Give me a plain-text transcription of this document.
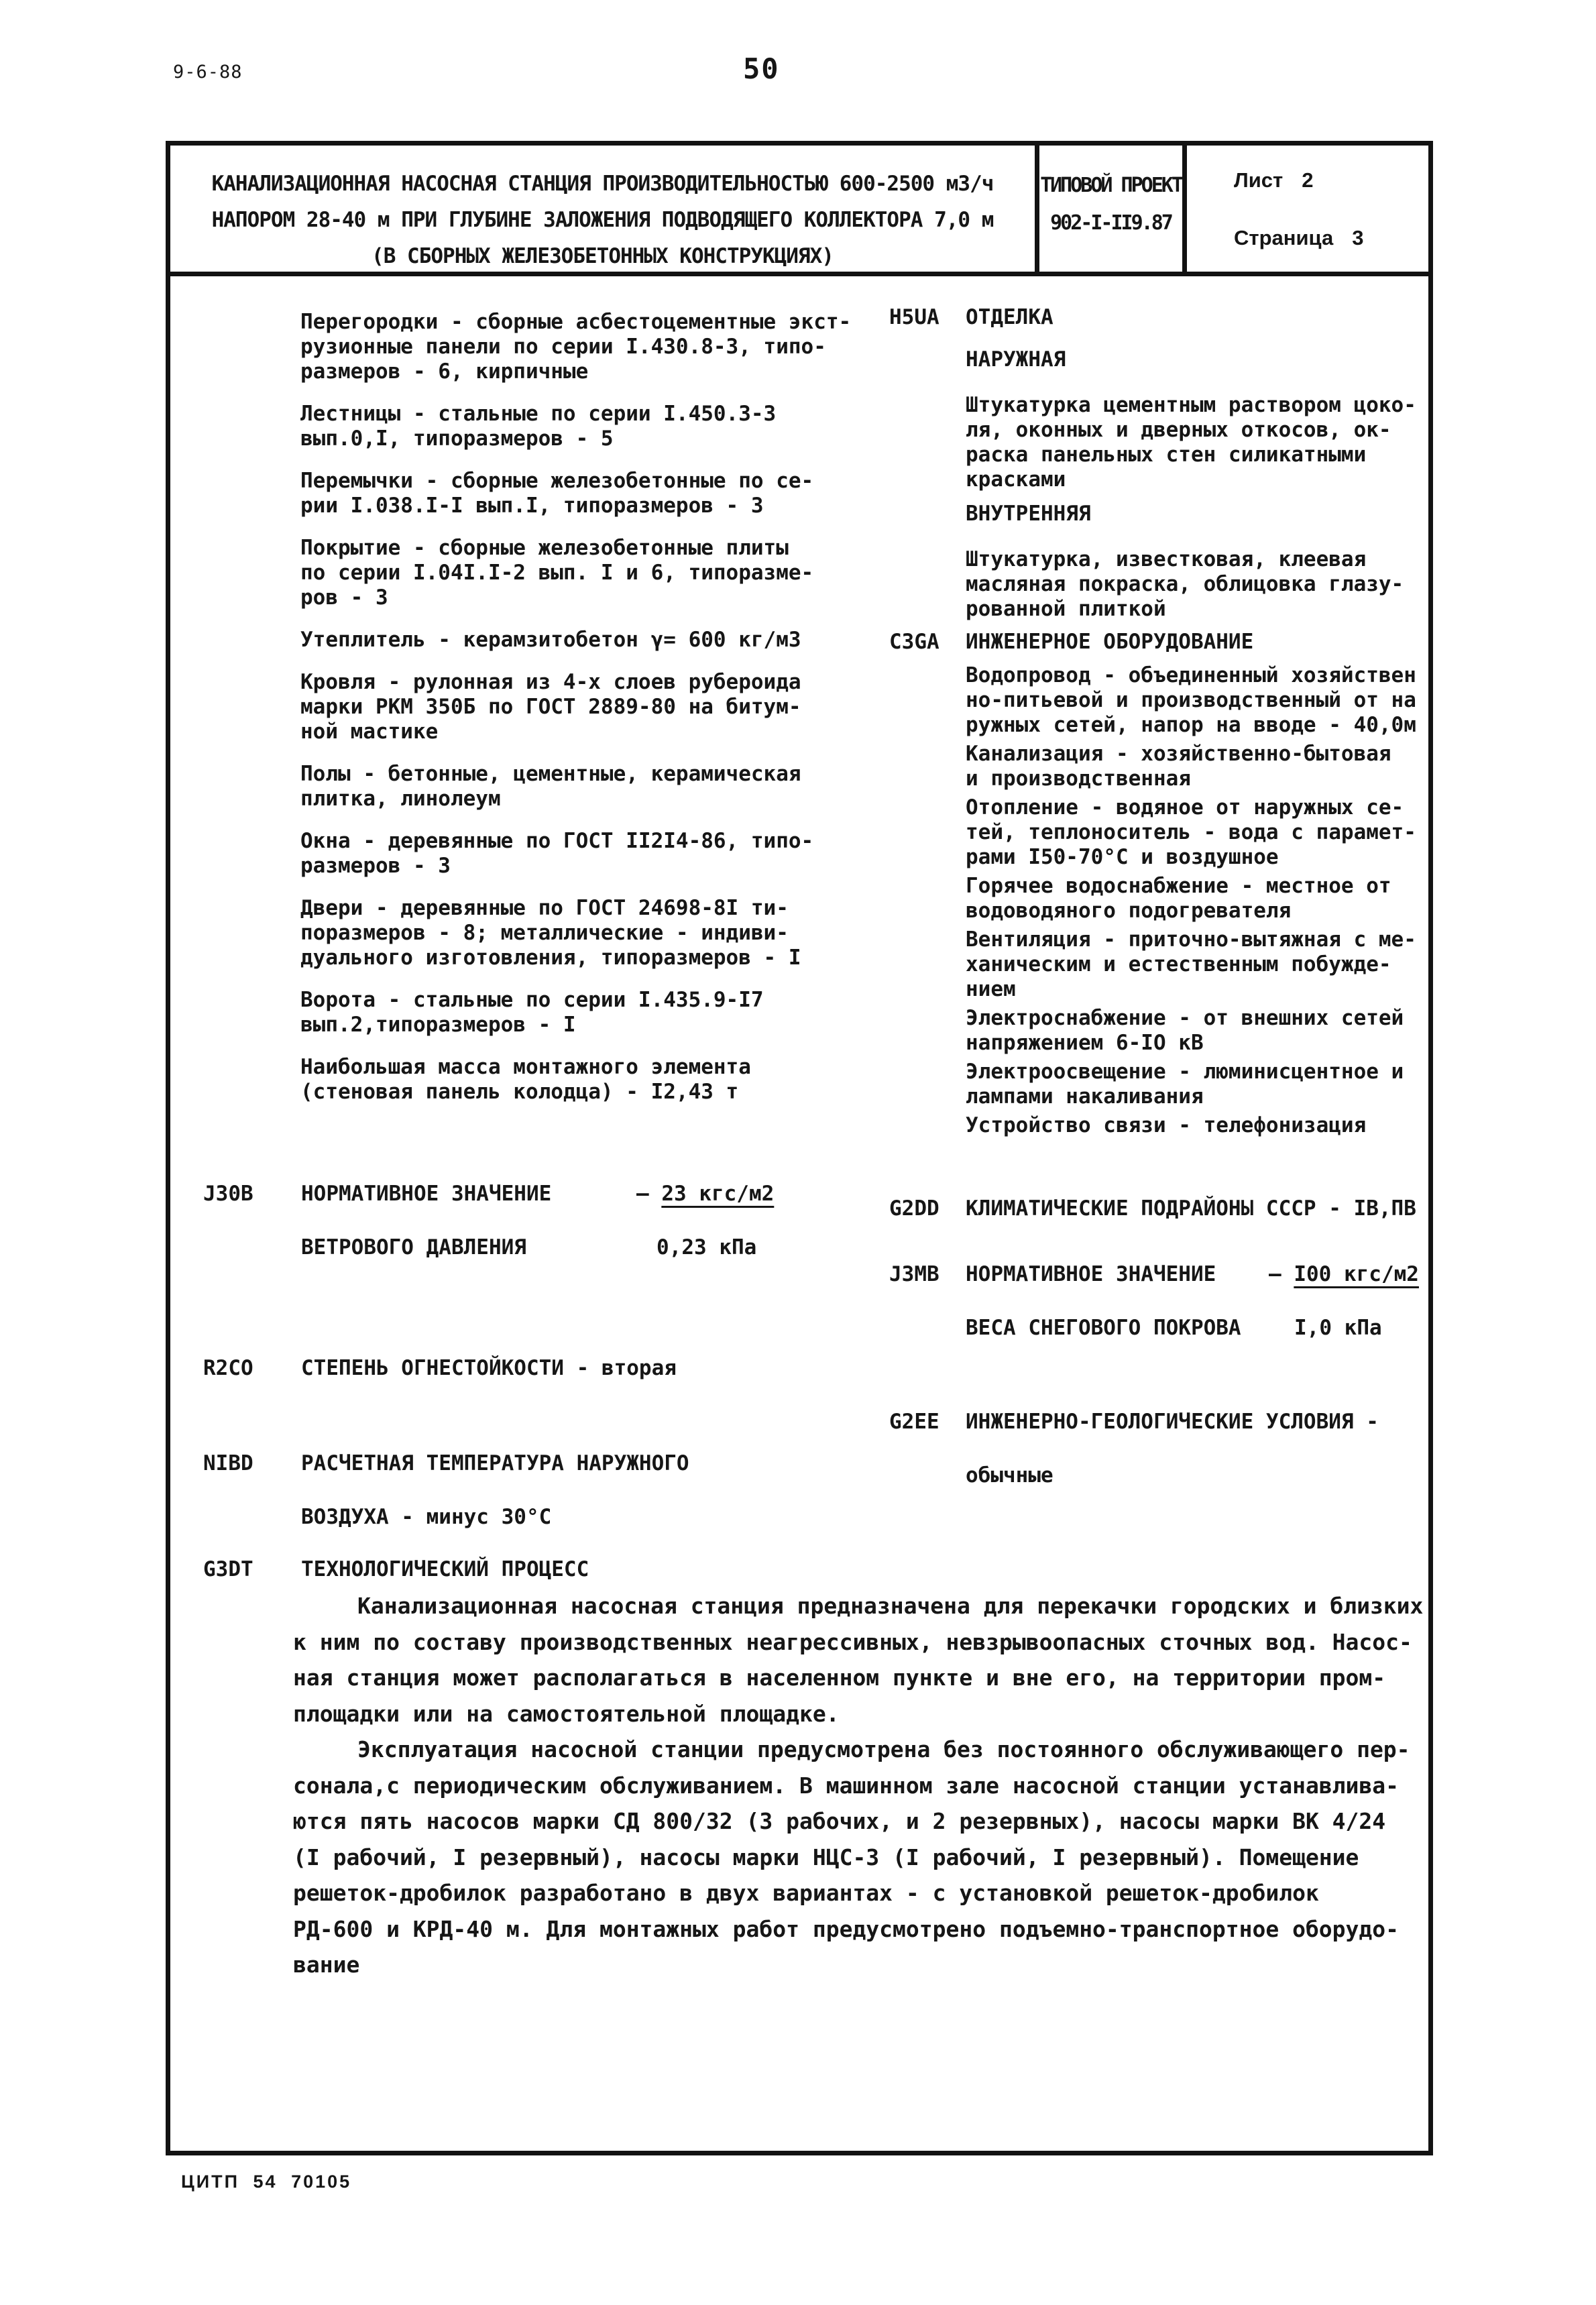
9-6-88	50
КАНАЛИЗАЦИОННАЯ НАСОСНАЯ СТАНЦИЯ ПРОИЗВОДИТЕЛЬНОСТЬЮ 600-2500 м3/ч
НАПОРОМ 28-40 м ПРИ ГЛУБИНЕ ЗАЛОЖЕНИЯ ПОДВОДЯЩЕГО КОЛЛЕКТОРА 7,0 м
(В СБОРНЫХ ЖЕЛЕЗОБЕТОННЫХ КОНСТРУКЦИЯХ)
ТИПОВОЙ ПРОЕКТ
902-I-II9.87
Лист 2
Страница 3
Перегородки - сборные асбестоцементные экст-
рузионные панели по серии I.430.8-3, типо-
размеров - 6, кирпичные
Лестницы - стальные по серии I.450.3-3
вып.0,I, типоразмеров - 5
Перемычки - сборные железобетонные по се-
рии I.038.I-I вып.I, типоразмеров - 3
Покрытие - сборные железобетонные плиты
по серии I.04I.I-2 вып. I и 6, типоразме-
ров - 3
Утеплитель - керамзитобетон γ= 600 кг/м3
Кровля - рулонная из 4-х слоев рубероида
марки РКМ 350Б по ГОСТ 2889-80 на битум-
ной мастике
Полы - бетонные, цементные, керамическая
плитка, линолеум
Окна - деревянные по ГОСТ II2I4-86, типо-
размеров - 3
Двери - деревянные по ГОСТ 24698-8I ти-
поразмеров - 8; металлические - индиви-
дуального изготовления, типоразмеров - I
Ворота - стальные по серии I.435.9-I7
вып.2,типоразмеров - I
Наибольшая масса монтажного элемента
(стеновая панель колодца) - I2,43 т
H5UA ОТДЕЛКА
НАРУЖНАЯ
Штукатурка цементным раствором цоко-
ля, оконных и дверных откосов, ок-
раска панельных стен силикатными
красками
ВНУТРЕННЯЯ
Штукатурка, известковая, клеевая
масляная покраска, облицовка глазу-
рованной плиткой
C3GA ИНЖЕНЕРНОЕ ОБОРУДОВАНИЕ
Водопровод - объединенный хозяйствен
но-питьевой и производственный от на
ружных сетей, напор на вводе - 40,0м
Канализация - хозяйственно-бытовая
и производственная
Отопление - водяное от наружных се-
тей, теплоноситель - вода с парамет-
рами I50-70°С и воздушное
Горячее водоснабжение - местное от
водоводяного подогревателя
Вентиляция - приточно-вытяжная с ме-
ханическим и естественным побужде-
нием
Электроснабжение - от внешних сетей
напряжением 6-IO кВ
Электроосвещение - люминисцентное и
лампами накаливания
Устройство связи - телефонизация
J30B НОРМАТИВНОЕ ЗНАЧЕНИЕ
ВЕТРОВОГО ДАВЛЕНИЯ
– 23 кгс/м2
0,23 кПа
R2CO СТЕПЕНЬ ОГНЕСТОЙКОСТИ - вторая
NIBD РАСЧЕТНАЯ ТЕМПЕРАТУРА НАРУЖНОГО
ВОЗДУХА - минус 30°С
G3DT ТЕХНОЛОГИЧЕСКИЙ ПРОЦЕСС
G2DD КЛИМАТИЧЕСКИЕ ПОДРАЙОНЫ СССР - IВ,ПВ
J3MB НОРМАТИВНОЕ ЗНАЧЕНИЕ
ВЕСА СНЕГОВОГО ПОКРОВА
– I00 кгс/м2
I,0 кПа
G2EE ИНЖЕНЕРНО-ГЕОЛОГИЧЕСКИЕ УСЛОВИЯ -
обычные
Канализационная насосная станция предназначена для перекачки городских и близких
к ним по составу производственных неагрессивных, невзрывоопасных сточных вод. Насос-
ная станция может располагаться в населенном пункте и вне его, на территории пром-
площадки или на самостоятельной площадке.
Эксплуатация насосной станции предусмотрена без постоянного обслуживающего пер-
сонала,с периодическим обслуживанием. В машинном зале насосной станции устанавлива-
ются пять насосов марки СД 800/32 (3 рабочих, и 2 резервных), насосы марки ВК 4/24
(I рабочий, I резервный), насосы марки НЦС-3 (I рабочий, I резервный). Помещение
решеток-дробилок разработано в двух вариантах - с установкой решеток-дробилок
РД-600 и КРД-40 м. Для монтажных работ предусмотрено подъемно-транспортное оборудо-
вание
ЦИТП 54 70105
